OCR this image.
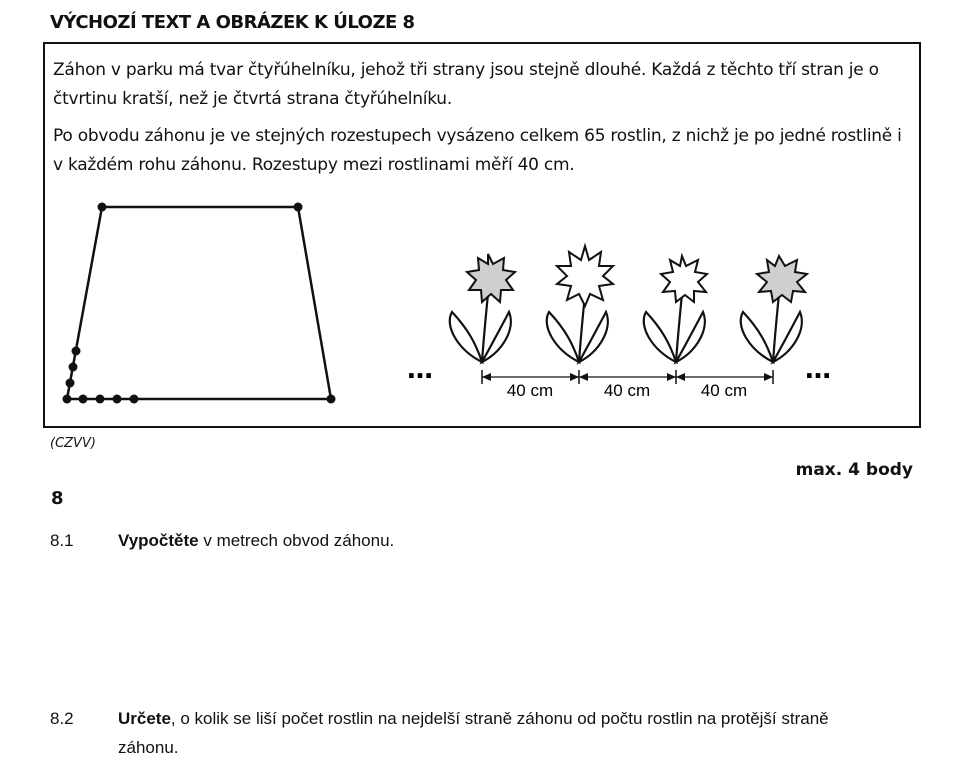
VÝCHOZÍ TEXT A OBRÁZEK K ÚLOZE 8
Záhon v parku má tvar čtyřúhelníku, jehož tři strany jsou stejně dlouhé. Každá z těchto tří stran je o čtvrtinu kratší, než je čtvrtá strana čtyřúhelníku.
Po obvodu záhonu je ve stejných rozestupech vysázeno celkem 65 rostlin, z nichž je po jedné rostlině i v každém rohu záhonu. Rozestupy mezi rostlinami měří 40 cm.
…	…
40 cm	40 cm	40 cm
(CZVV)
max. 4 body
8
8.1	Vypočtěte v metrech obvod záhonu.
8.2	Určete, o kolik se liší počet rostlin na nejdelší straně záhonu od počtu rostlin na protější straně záhonu.
